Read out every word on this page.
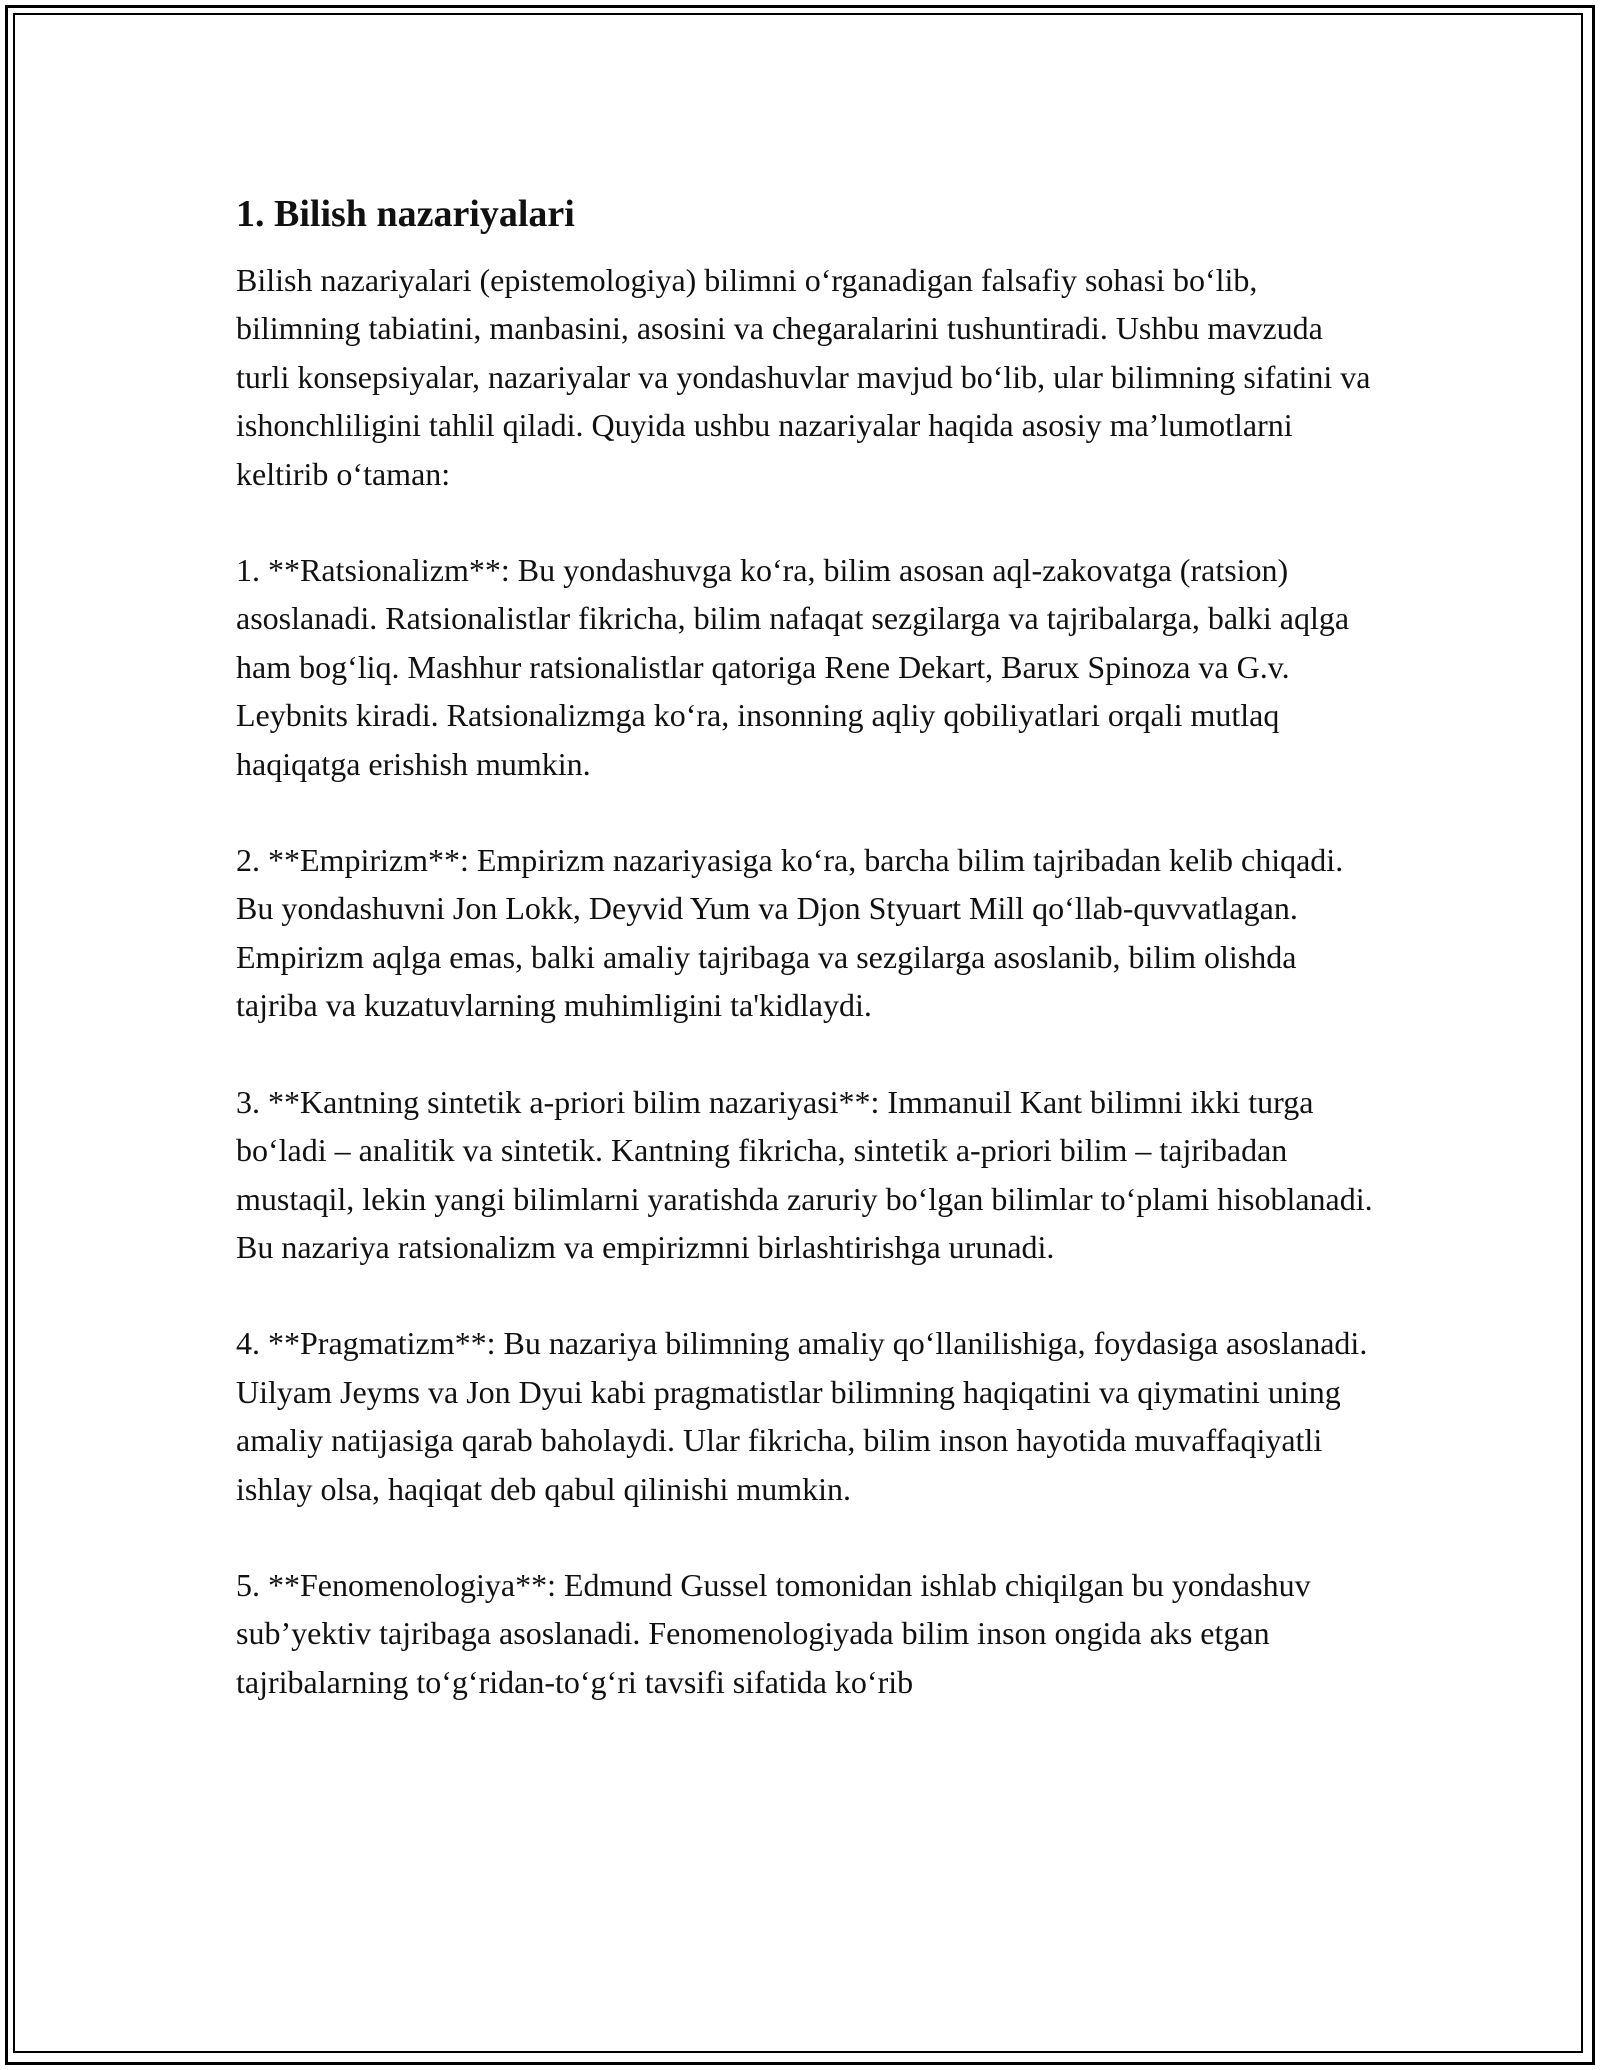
1. Bilish nazariyalari

Bilish nazariyalari (epistemologiya) bilimni o‘rganadigan falsafiy sohasi bo‘lib, bilimning tabiatini, manbasini, asosini va chegaralarini tushuntiradi. Ushbu mavzuda turli konsepsiyalar, nazariyalar va yondashuvlar mavjud bo‘lib, ular bilimning sifatini va ishonchliligini tahlil qiladi. Quyida ushbu nazariyalar haqida asosiy ma’lumotlarni keltirib o‘taman:

1. **Ratsionalizm**: Bu yondashuvga ko‘ra, bilim asosan aql-zakovatga (ratsion) asoslanadi. Ratsionalistlar fikricha, bilim nafaqat sezgilarga va tajribalarga, balki aqlga ham bog‘liq. Mashhur ratsionalistlar qatoriga Rene Dekart, Barux Spinoza va G.v. Leybnits kiradi. Ratsionalizmga ko‘ra, insonning aqliy qobiliyatlari orqali mutlaq haqiqatga erishish mumkin.

2. **Empirizm**: Empirizm nazariyasiga ko‘ra, barcha bilim tajribadan kelib chiqadi. Bu yondashuvni Jon Lokk, Deyvid Yum va Djon Styuart Mill qo‘llab-quvvatlagan. Empirizm aqlga emas, balki amaliy tajribaga va sezgilarga asoslanib, bilim olishda tajriba va kuzatuvlarning muhimligini ta'kidlaydi.

3. **Kantning sintetik a-priori bilim nazariyasi**: Immanuil Kant bilimni ikki turga bo‘ladi – analitik va sintetik. Kantning fikricha, sintetik a-priori bilim – tajribadan mustaqil, lekin yangi bilimlarni yaratishda zaruriy bo‘lgan bilimlar to‘plami hisoblanadi. Bu nazariya ratsionalizm va empirizmni birlashtirishga urunadi.

4. **Pragmatizm**: Bu nazariya bilimning amaliy qo‘llanilishiga, foydasiga asoslanadi. Uilyam Jeyms va Jon Dyui kabi pragmatistlar bilimning haqiqatini va qiymatini uning amaliy natijasiga qarab baholaydi. Ular fikricha, bilim inson hayotida muvaffaqiyatli ishlay olsa, haqiqat deb qabul qilinishi mumkin.

5. **Fenomenologiya**: Edmund Gussel tomonidan ishlab chiqilgan bu yondashuv sub’yektiv tajribaga asoslanadi. Fenomenologiyada bilim inson ongida aks etgan tajribalarning to‘g‘ridan-to‘g‘ri tavsifi sifatida ko‘rib
